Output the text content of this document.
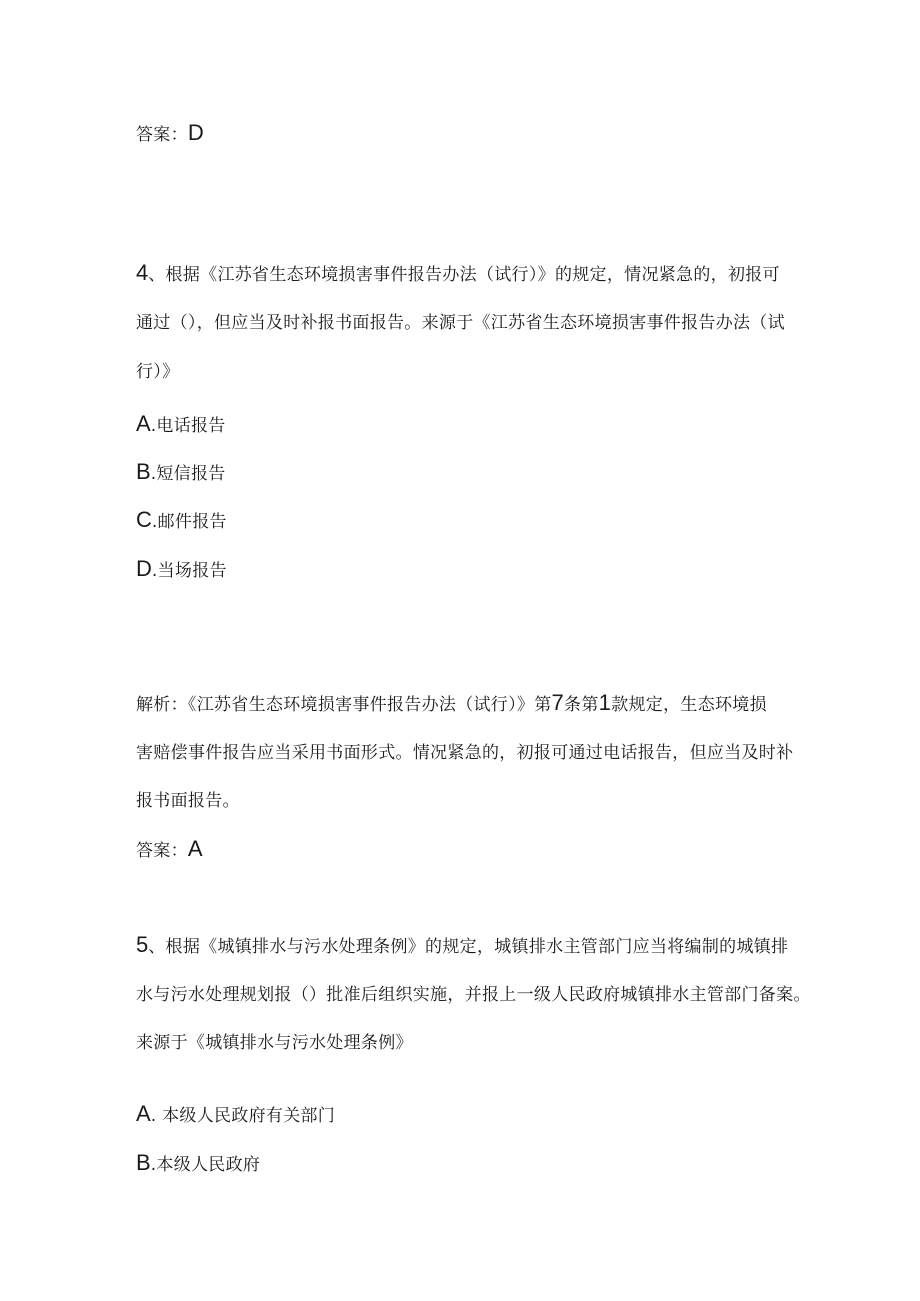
答案：D
4、根据《江苏省生态环境损害事件报告办法（试行）》的规定，情况紧急的，初报可
通过（），但应当及时补报书面报告。来源于《江苏省生态环境损害事件报告办法（试
行）》
A.电话报告
B.短信报告
C.邮件报告
D.当场报告
解析：《江苏省生态环境损害事件报告办法（试行）》第7条第1款规定，生态环境损
害赔偿事件报告应当采用书面形式。情况紧急的，初报可通过电话报告，但应当及时补
报书面报告。
答案：A
5、根据《城镇排水与污水处理条例》的规定，城镇排水主管部门应当将编制的城镇排
水与污水处理规划报（）批准后组织实施，并报上一级人民政府城镇排水主管部门备案。
来源于《城镇排水与污水处理条例》
A. 本级人民政府有关部门
B.本级人民政府
